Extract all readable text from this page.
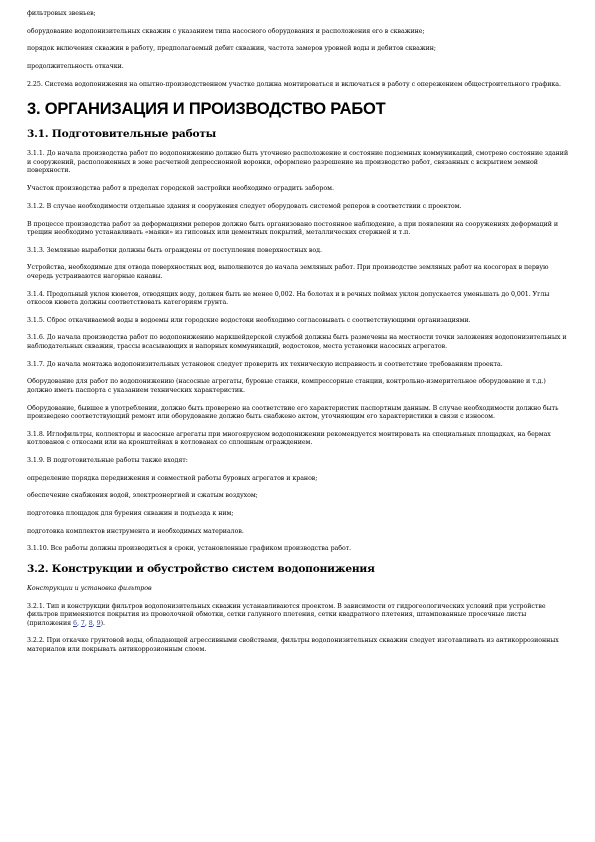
фильтровых звеньев;

оборудование водопонизительных скважин с указанием типа насосного оборудования и расположения его в скважине;

порядок включения скважин в работу, предполагаемый дебит скважин, частота замеров уровней воды и дебитов скважин;

продолжительность откачки.

2.25. Система водопонижения на опытно-производственном участке должна монтироваться и включаться в работу с опережением общестроительного графика.

3. ОРГАНИЗАЦИЯ И ПРОИЗВОДСТВО РАБОТ
3.1. Подготовительные работы

3.1.1. До начала производства работ по водопонижению должно быть уточнено расположение и состояние подземных коммуникаций, смотрено состояние зданий и сооружений, расположенных в зоне расчетной депрессионной воронки, оформлено разрешение на производство работ, связанных с вскрытием земной поверхности.

Участок производства работ в пределах городской застройки необходимо оградить забором.

3.1.2. В случае необходимости отдельные здания и сооружения следует оборудовать системой реперов в соответствии с проектом.

В процессе производства работ за деформациями реперов должно быть организовано постоянное наблюдение, а при появлении на сооружениях деформаций и трещин необходимо устанавливать «маяки» из гипсовых или цементных покрытий, металлических стержней и т.п.

3.1.3. Земляные выработки должны быть ограждены от поступления поверхностных вод.

Устройства, необходимые для отвода поверхностных вод, выполняются до начала земляных работ. При производстве земляных работ на косогорах в первую очередь устраиваются нагорные канавы.

3.1.4. Продольный уклон кюветов, отводящих воду, должен быть не менее 0,002. На болотах и в речных поймах уклон допускается уменьшать до 0,001. Углы откосов кювета должны соответствовать категориям грунта.

3.1.5. Сброс откачиваемой воды в водоемы или городские водостоки необходимо согласовывать с соответствующими организациями.

3.1.6. До начала производства работ по водопонижению маркшейдерской службой должны быть размечены на местности точки заложения водопонизительных и наблюдательных скважин, трассы всасывающих и напорных коммуникаций, водостоков, места установки насосных агрегатов.

3.1.7. До начала монтажа водопонизительных установок следует проверить их техническую исправность и соответствие требованиям проекта.

Оборудование для работ по водопонижению (насосные агрегаты, буровые станки, компрессорные станции, контрольно-измерительное оборудование и т.д.) должно иметь паспорта с указанием технических характеристик.

Оборудование, бывшее в употреблении, должно быть проверено на соответствие его характеристик паспортным данным. В случае необходимости должно быть произведено соответствующий ремонт или оборудование должно быть снабжено актом, уточняющим его характеристики в связи с износом.

3.1.8. Иглофильтры, коллекторы и насосные агрегаты при многоярусном водопонижении рекомендуется монтировать на специальных площадках, на бермах котлованов с откосами или на кронштейнах в котлованах со сплошным ограждением.

3.1.9. В подготовительные работы также входят:

определение порядка передвижения и совместной работы буровых агрегатов и кранов;

обеспечение снабжения водой, электроэнергией и сжатым воздухом;

подготовка площадок для бурения скважин и подъезда к ним;

подготовка комплектов инструмента и необходимых материалов.

3.1.10. Все работы должны производиться в сроки, установленные графиком производства работ.

3.2. Конструкции и обустройство систем водопонижения

Конструкции и установка фильтров

3.2.1. Тип и конструкции фильтров водопонизительных скважин устанавливаются проектом. В зависимости от гидрогеологических условий при устройстве фильтров применяются покрытия из проволочной обмотки, сетки галунного плетения, сетки квадратного плетения, штампованные просечные листы (приложения 6, 7, 8, 9).

3.2.2. При откачке грунтовой воды, обладающей агрессивными свойствами, фильтры водопонизительных скважин следует изготавливать из антикоррозионных материалов или покрывать антикоррозионным слоем.
